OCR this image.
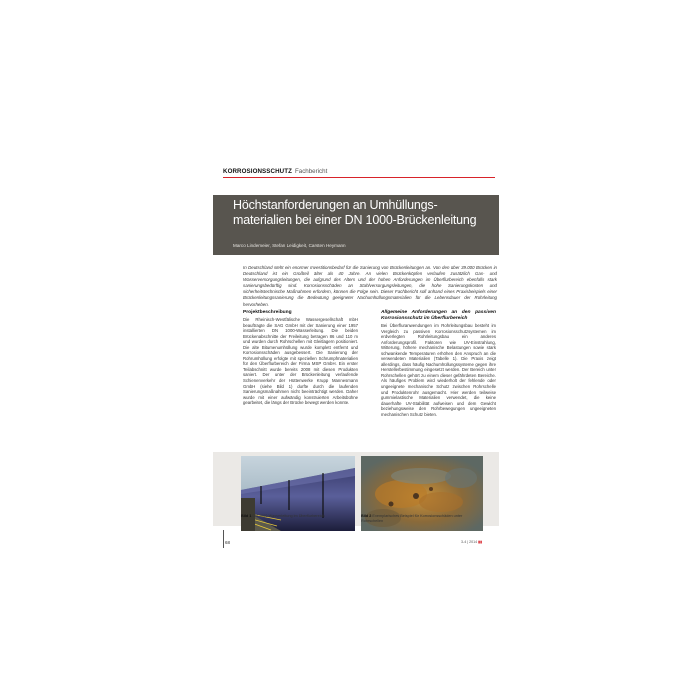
KORROSIONSSCHUTZ Fachbericht
Höchstanforderungen an Umhüllungs-
materialien bei einer DN 1000-Brückenleitung
Marco Lindemeier, Stefan Leidigkeit, Carsten Heymann
In Deutschland steht ein enormer Investitionsbedarf für die Sanierung von Brückenleitungen an. Von den über 39.000 Brücken in Deutschland ist ein Großteil älter als 40 Jahre. An vielen Brückenköpfen verlaufen zusätzlich Gas- und Wasserversorgungsleitungen, die aufgrund des Alters und der hohen Anforderungen im Überflurbereich ebenfalls stark sanierungsbedürftig sind. Korrosionsschäden an Stahlversorgungsleitungen, die hohe Sanierungskosten und sicherheitstechnische Maßnahmen erfordern, können die Folge sein. Dieser Fachbericht soll anhand eines Praxisbeispiels einer Brückenleitungssanierung die Bedeutung geeigneter Nachumhüllungsmaterialien für die Lebensdauer der Rohrleitung hervorheben.
Projektbeschreibung

Die Rheinisch-Westfälische Wassergesellschaft mbH beauftragte die SAG GmbH mit der Sanierung einer 1957 installierten DN 1000-Wasserleitung. Die beiden Brückenabschnitte der Freileitung betragen 86 und 110 m und wurden durch Rohrschellen mit Gleitlagern positioniert. Die alte Bitumenumhüllung wurde komplett entfernt und Korrosionsschäden ausgebessert. Die Sanierung der Rohrumhüllung erfolgte mit speziellen Schrumpfmaterialien für den Überflurbereich der Firma MSP GmbH. Ein erster Teilabschnitt wurde bereits 2008 mit diesen Produkten saniert. Der unter der Brückenleitung verlaufende Schienenverkehr der Hüttenwerke Krupp Mannesmann GmbH (siehe Bild 1) durfte durch die laufenden Sanierungsmaßnahmen nicht beeinträchtigt werden. Daher wurde mit einer aufwändig konstruierten Arbeitsbühne gearbeitet, die längs der Brücke bewegt werden konnte.

Allgemeine Anforderungen an den passiven Korrosionsschutz im Überflurbereich

Bei Überfluranwendungen im Rohrleitungsbau besteht im Vergleich zu passiven Korrosionsschutzsystemen im erdverlegten Rohrleitungsbau ein anderes Anforderungsprofil. Faktoren wie UV-Einstrahlung, Witterung, höhere mechanische Belastungen sowie stark schwankende Temperaturen erhöhen den Anspruch an die verwendeten Materialien (Tabelle 1). Die Praxis zeigt allerdings, dass häufig Nachumhüllungssysteme gegen ihre Herstellerbestimmung eingesetzt werden. Der Bereich unter Rohrschellen gehört zu einem dieser gefährdeten Bereiche. Als häufiges Problem wird wiederholt der fehlende oder ungeeignete mechanische Schutz zwischen Rohrschelle und Produktenrohr ausgemacht. Hier werden teilweise gummielastische Materialien verwendet, die keine dauerhafte UV-Stabilität aufweisen und dem Gewicht beziehungsweise den Rohrbewegungen ungeeigneten mechanischen Schutz bieten.

Bild 1 DN 1000-Wasserleitung im Überflurbereich	Bild 2 Exemplarisches Beispiel für Korrosionsschäden unter Rohrschellen
68	3-4 | 2014▮▮
